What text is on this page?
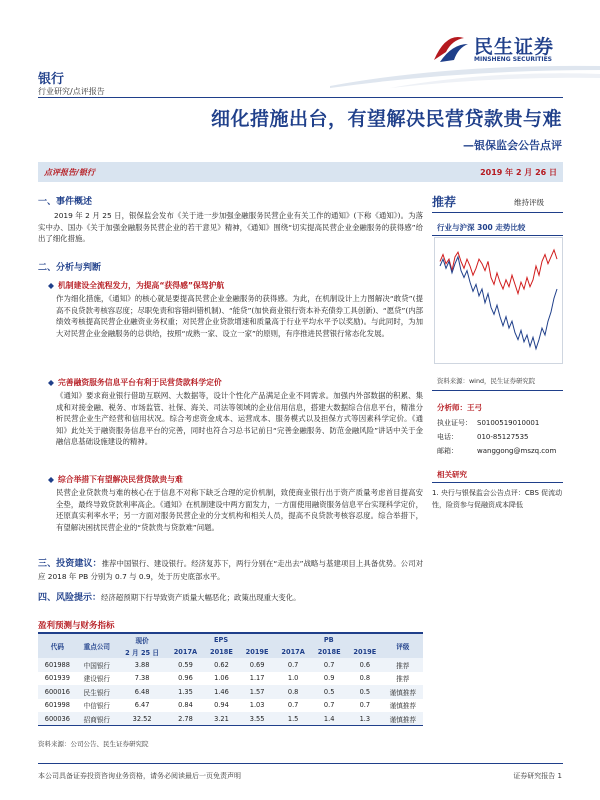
民生证券
MINSHENG SECURITIES
银行
行业研究/点评报告
细化措施出台，有望解决民营贷款贵与难
—银保监会公告点评
点评报告/银行	2019 年 2 月 26 日
一、事件概述
2019 年 2 月 25 日，银保监会发布《关于进一步加强金融服务民营企业有关工作的通知》(下称《通知》)。为落实中办、国办《关于加强金融服务民营企业的若干意见》精神，《通知》围绕“切实提高民营企业金融服务的获得感”给出了细化措施。
二、分析与判断
◆ 机制建设全流程发力，为提高“获得感”保驾护航
作为细化措施，《通知》的核心就是要提高民营企业金融服务的获得感。为此，在机制设计上力图解决“敢贷”(提高不良贷款考核容忍度；尽职免责和容错纠错机制)、“能贷”(加快商业银行资本补充债券工具创新)、“愿贷”(内部绩效考核提高民营企业融资业务权重；对民营企业贷款增速和质量高于行业平均水平予以奖励)。与此同时，为加大对民营企业金融服务的总供给，按照“成熟一家、设立一家”的原则，有序推进民营银行常态化发展。
◆ 完善融资服务信息平台有利于民营贷款科学定价
《通知》要求商业银行借助互联网、大数据等，设计个性化产品满足企业不同需求。加强内外部数据的积累、集成和对接金融、税务、市场监管、社保、海关、司法等领域的企业信用信息，搭建大数据综合信息平台，精准分析民营企业生产经营和信用状况。综合考虑资金成本、运营成本、服务模式以及担保方式等因素科学定价。《通知》此处关于融资服务信息平台的完善，同时也符合习总书记前日“完善金融服务、防范金融风险”讲话中关于金融信息基础设施建设的精神。
◆ 综合举措下有望解决民营贷款贵与难
民营企业贷款贵与难的核心在于信息不对称下缺乏合理的定价机制，致使商业银行出于资产质量考虑首目提高安全垫，最终导致贷款利率高企。《通知》在机制建设中两方面发力，一方面使用融资服务信息平台实现科学定价，还原真实利率水平；另一方面对服务民营企业的分支机构和相关人员，提高不良贷款考核容忍度。综合举措下，有望解决困扰民营企业的“贷款贵与贷款难”问题。
三、投资建议：推荐中国银行、建设银行。经济复苏下，两行分别在“走出去”战略与基建项目上具备优势。公司对应 2018 年 PB 分别为 0.7 与 0.9，处于历史底部水平。
四、风险提示：经济超预期下行导致资产质量大幅恶化；政策出现重大变化。
盈利预测与财务指标
代码	重点公司	现价	EPS			PB			评级
		2 月 25 日	2017A	2018E	2019E	2017A	2018E	2019E	
601988	中国银行	3.88	0.59	0.62	0.69	0.7	0.7	0.6	推荐
601939	建设银行	7.38	0.96	1.06	1.17	1.0	0.9	0.8	推荐
600016	民生银行	6.48	1.35	1.46	1.57	0.8	0.5	0.5	谨慎推荐
601998	中信银行	6.47	0.84	0.94	1.03	0.7	0.7	0.7	谨慎推荐
600036	招商银行	32.52	2.78	3.21	3.55	1.5	1.4	1.3	谨慎推荐
资料来源：公司公告、民生证券研究院
推荐	维持评级
行业与沪深 300 走势比较
资料来源：wind，民生证券研究院
分析师：王弓
执业证号： S0100519010001
电话：	010-85127535
邮箱：	wanggong@mszq.com
相关研究
1. 央行与银保监会公告点评：CBS 促流动性，险资参与促融资成本降低
本公司具备证券投资咨询业务资格，请务必阅读最后一页免责声明	证券研究报告 1
